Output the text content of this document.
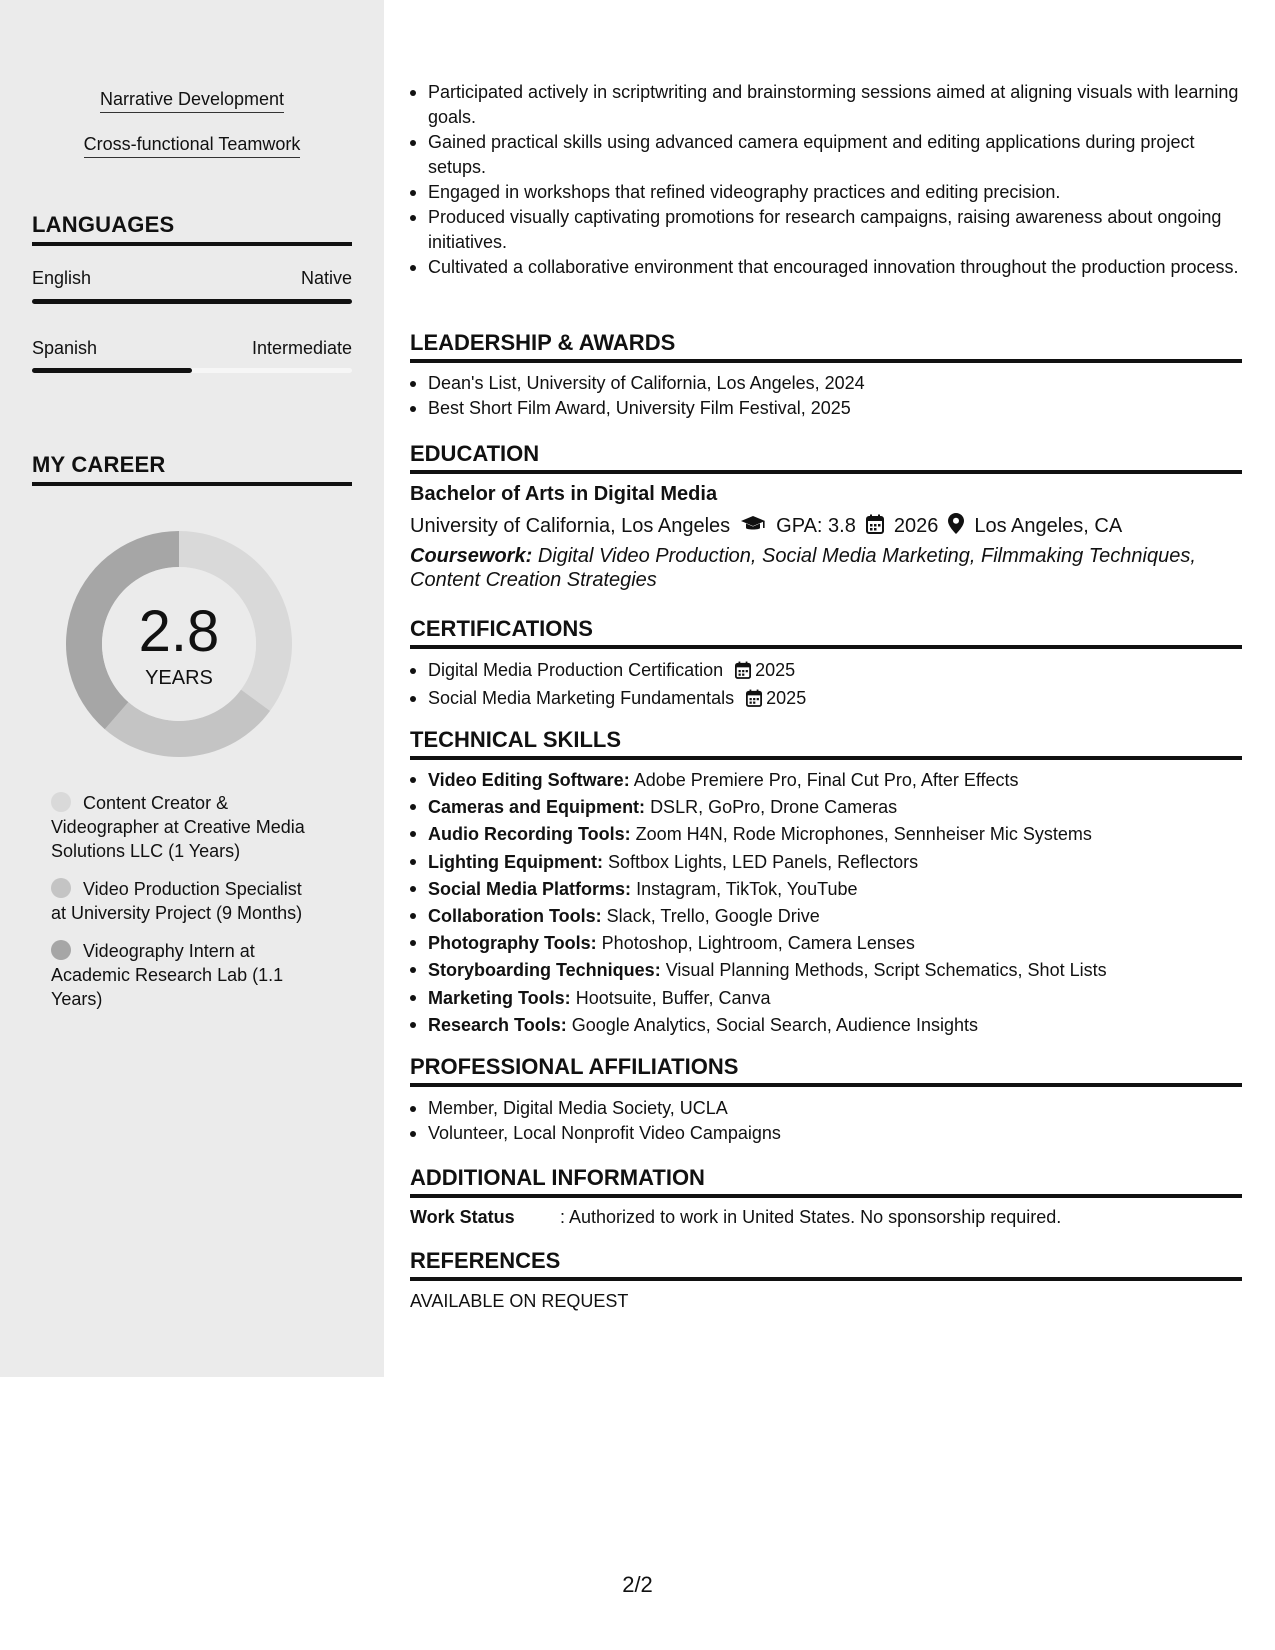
Narrative Development
Cross-functional Teamwork
LANGUAGES
English	Native
Spanish	Intermediate
MY CAREER
2.8
YEARS
Content Creator & Videographer at Creative Media Solutions LLC (1 Years)
Video Production Specialist at University Project (9 Months)
Videography Intern at Academic Research Lab (1.1 Years)
Participated actively in scriptwriting and brainstorming sessions aimed at aligning visuals with learning goals.
Gained practical skills using advanced camera equipment and editing applications during project setups.
Engaged in workshops that refined videography practices and editing precision.
Produced visually captivating promotions for research campaigns, raising awareness about ongoing initiatives.
Cultivated a collaborative environment that encouraged innovation throughout the production process.
LEADERSHIP & AWARDS
Dean's List, University of California, Los Angeles, 2024
Best Short Film Award, University Film Festival, 2025
EDUCATION
Bachelor of Arts in Digital Media
University of California, Los Angeles GPA: 3.8 2026 Los Angeles, CA
Coursework: Digital Video Production, Social Media Marketing, Filmmaking Techniques, Content Creation Strategies
CERTIFICATIONS
Digital Media Production Certification 2025
Social Media Marketing Fundamentals 2025
TECHNICAL SKILLS
Video Editing Software: Adobe Premiere Pro, Final Cut Pro, After Effects
Cameras and Equipment: DSLR, GoPro, Drone Cameras
Audio Recording Tools: Zoom H4N, Rode Microphones, Sennheiser Mic Systems
Lighting Equipment: Softbox Lights, LED Panels, Reflectors
Social Media Platforms: Instagram, TikTok, YouTube
Collaboration Tools: Slack, Trello, Google Drive
Photography Tools: Photoshop, Lightroom, Camera Lenses
Storyboarding Techniques: Visual Planning Methods, Script Schematics, Shot Lists
Marketing Tools: Hootsuite, Buffer, Canva
Research Tools: Google Analytics, Social Search, Audience Insights
PROFESSIONAL AFFILIATIONS
Member, Digital Media Society, UCLA
Volunteer, Local Nonprofit Video Campaigns
ADDITIONAL INFORMATION
Work Status	: Authorized to work in United States. No sponsorship required.
REFERENCES
AVAILABLE ON REQUEST
2/2
